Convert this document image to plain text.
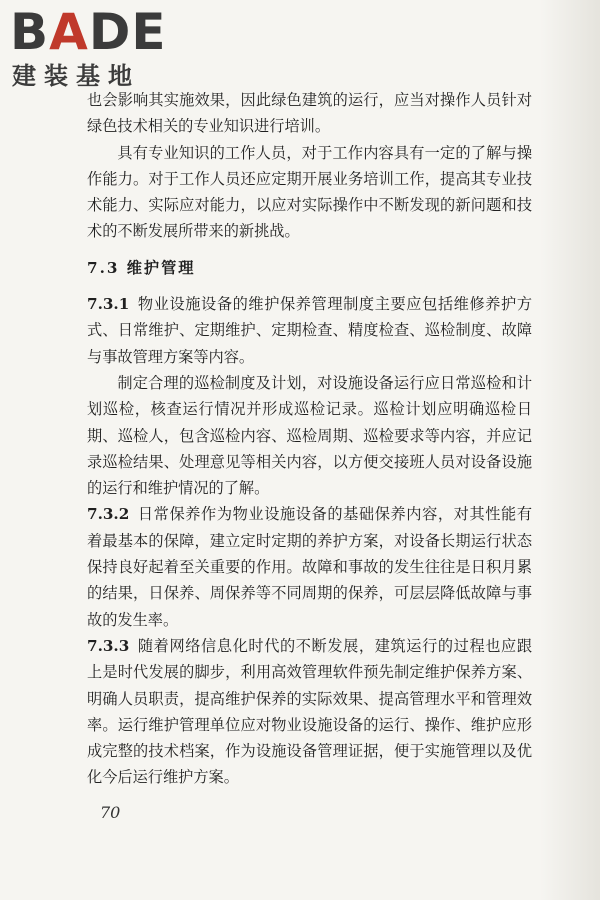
BADE
建装基地

也会影响其实施效果，因此绿色建筑的运行，应当对操作人员针对绿色技术相关的专业知识进行培训。

具有专业知识的工作人员，对于工作内容具有一定的了解与操作能力。对于工作人员还应定期开展业务培训工作，提高其专业技术能力、实际应对能力，以应对实际操作中不断发现的新问题和技术的不断发展所带来的新挑战。

7.3 维护管理

7.3.1 物业设施设备的维护保养管理制度主要应包括维修养护方式、日常维护、定期维护、定期检查、精度检查、巡检制度、故障与事故管理方案等内容。

制定合理的巡检制度及计划，对设施设备运行应日常巡检和计划巡检，核查运行情况并形成巡检记录。巡检计划应明确巡检日期、巡检人，包含巡检内容、巡检周期、巡检要求等内容，并应记录巡检结果、处理意见等相关内容，以方便交接班人员对设备设施的运行和维护情况的了解。

7.3.2 日常保养作为物业设施设备的基础保养内容，对其性能有着最基本的保障，建立定时定期的养护方案，对设备长期运行状态保持良好起着至关重要的作用。故障和事故的发生往往是日积月累的结果，日保养、周保养等不同周期的保养，可层层降低故障与事故的发生率。

7.3.3 随着网络信息化时代的不断发展，建筑运行的过程也应跟上是时代发展的脚步，利用高效管理软件预先制定维护保养方案、明确人员职责，提高维护保养的实际效果、提高管理水平和管理效率。运行维护管理单位应对物业设施设备的运行、操作、维护应形成完整的技术档案，作为设施设备管理证据，便于实施管理以及优化今后运行维护方案。

70
